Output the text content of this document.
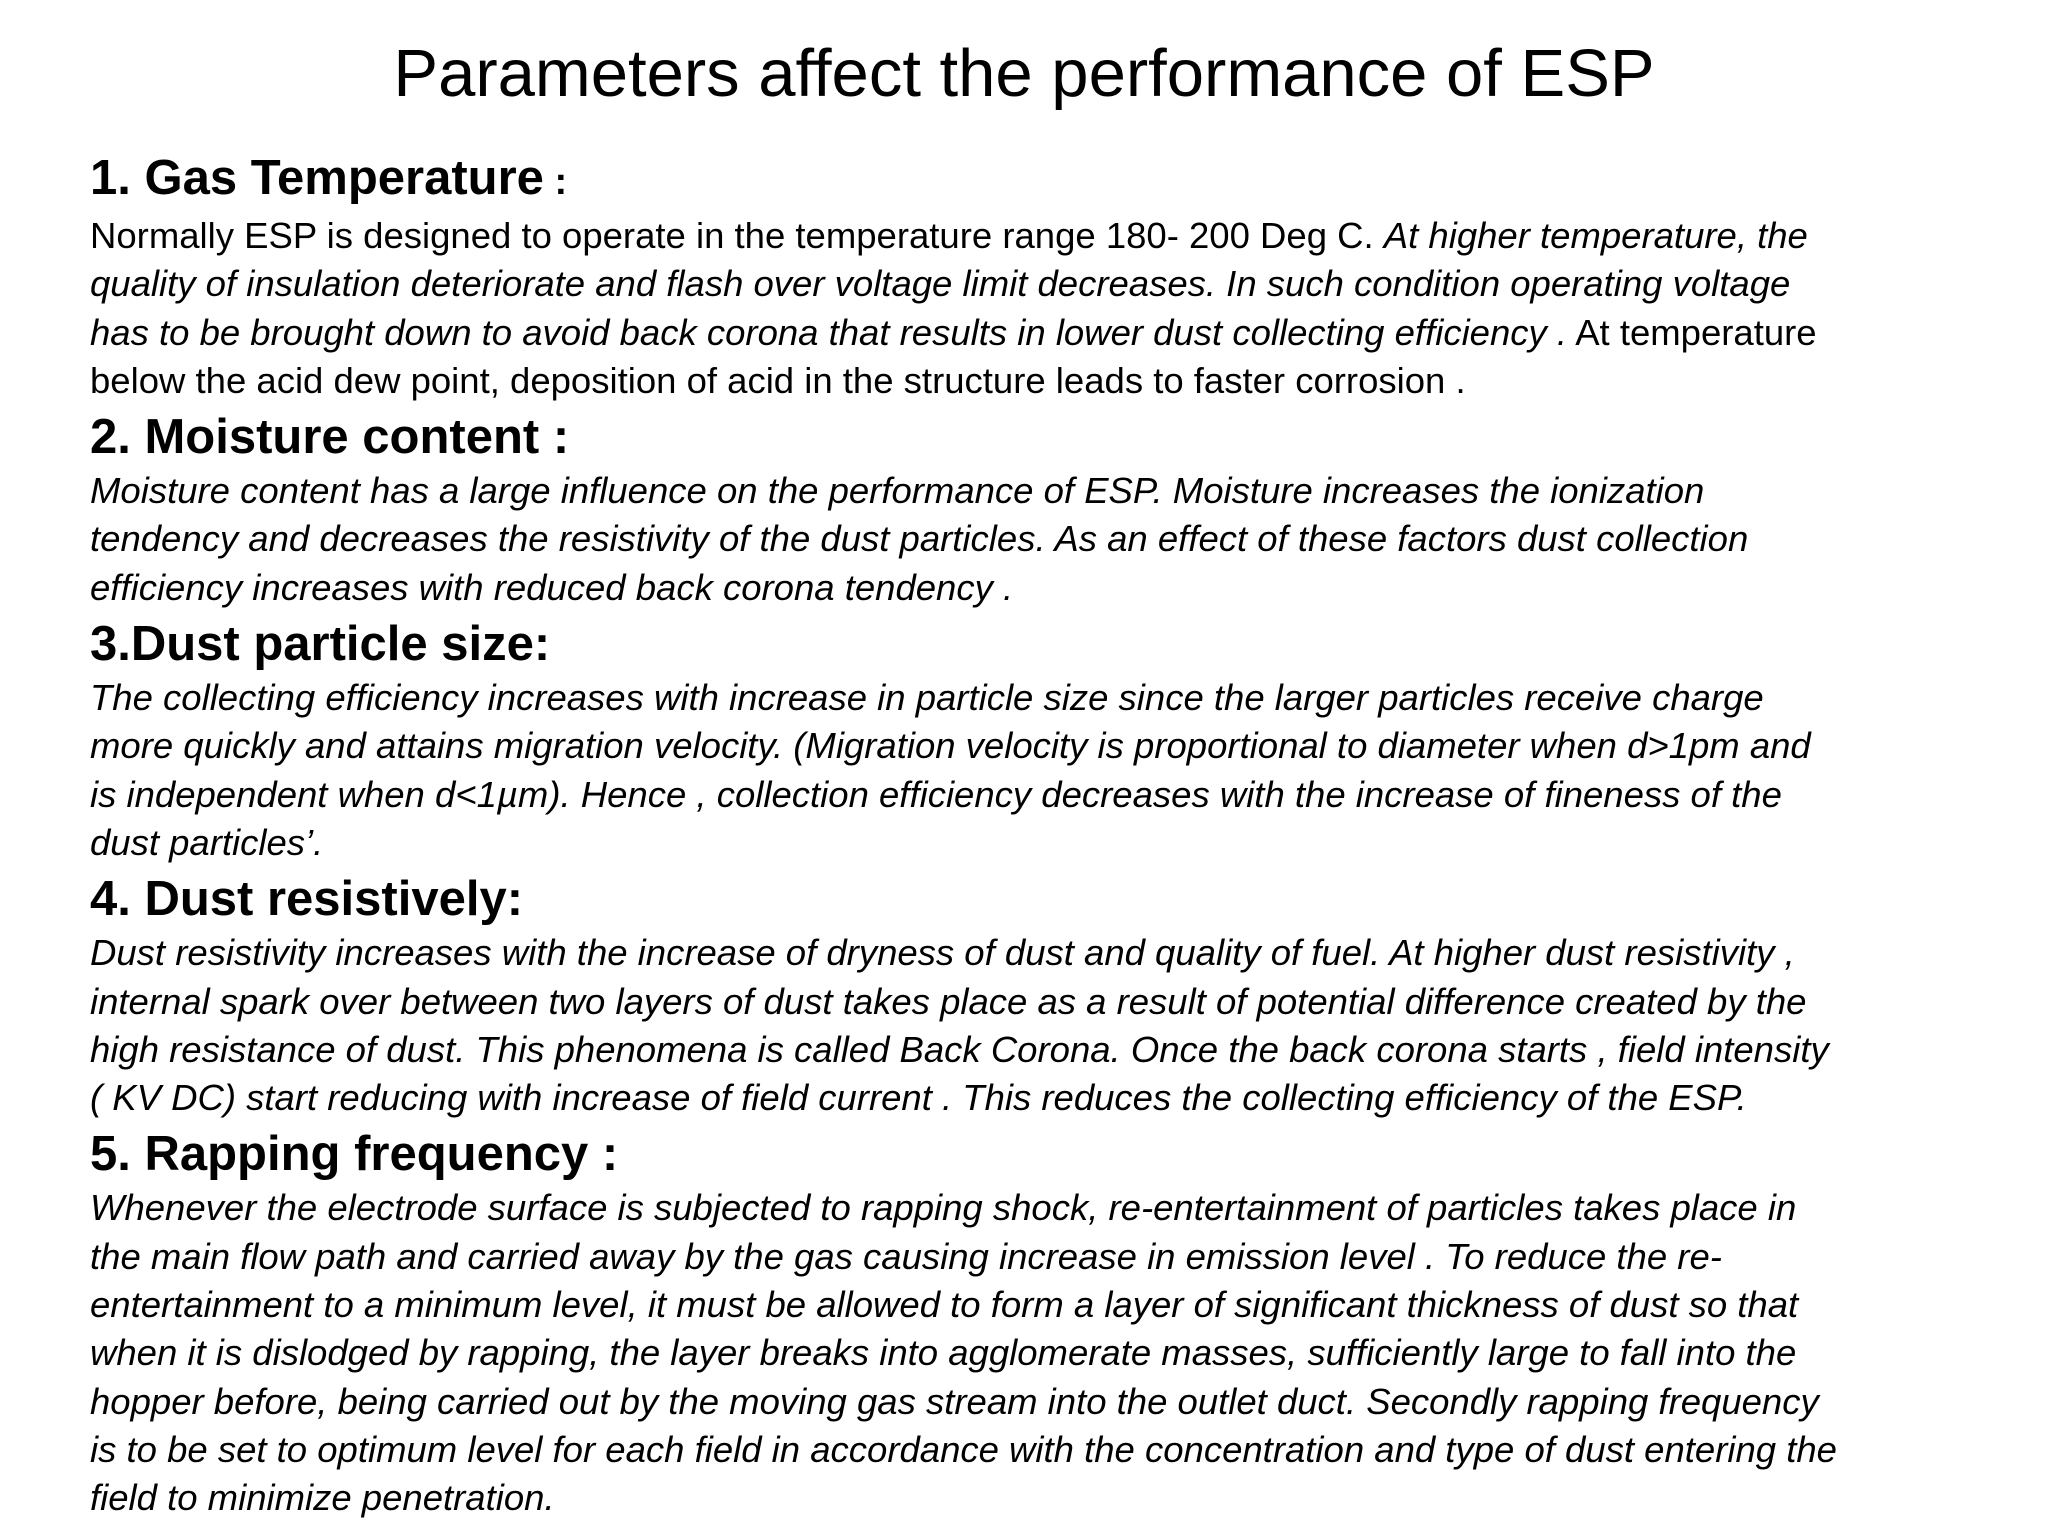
Parameters affect the performance of ESP
1. Gas Temperature :
Normally ESP is designed to operate in the temperature range 180- 200 Deg C. At higher temperature, the
quality of insulation deteriorate and flash over voltage limit decreases. In such condition operating voltage
has to be brought down to avoid back corona that results in lower dust collecting efficiency . At temperature
below the acid dew point, deposition of acid in the structure leads to faster corrosion .
2. Moisture content :
Moisture content has a large influence on the performance of ESP. Moisture increases the ionization
tendency and decreases the resistivity of the dust particles. As an effect of these factors dust collection
efficiency increases with reduced back corona tendency .
3.Dust particle size:
The collecting efficiency increases with increase in particle size since the larger particles receive charge
more quickly and attains migration velocity. (Migration velocity is proportional to diameter when d>1pm and
is independent when d<1µm). Hence , collection efficiency decreases with the increase of fineness of the
dust particles’.
4. Dust resistively:
Dust resistivity increases with the increase of dryness of dust and quality of fuel. At higher dust resistivity ,
internal spark over between two layers of dust takes place as a result of potential difference created by the
high resistance of dust. This phenomena is called Back Corona. Once the back corona starts , field intensity
( KV DC) start reducing with increase of field current . This reduces the collecting efficiency of the ESP.
5. Rapping frequency :
Whenever the electrode surface is subjected to rapping shock, re-entertainment of particles takes place in
the main flow path and carried away by the gas causing increase in emission level . To reduce the re-
entertainment to a minimum level, it must be allowed to form a layer of significant thickness of dust so that
when it is dislodged by rapping, the layer breaks into agglomerate masses, sufficiently large to fall into the
hopper before, being carried out by the moving gas stream into the outlet duct. Secondly rapping frequency
is to be set to optimum level for each field in accordance with the concentration and type of dust entering the
field to minimize penetration.
